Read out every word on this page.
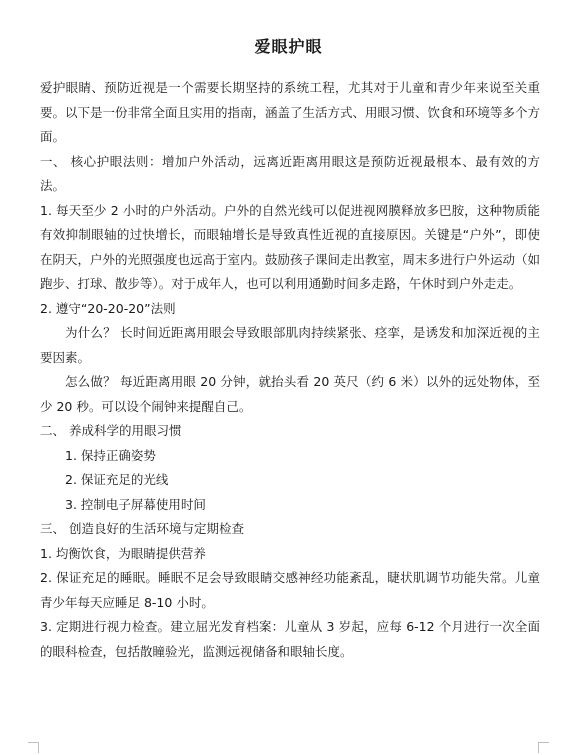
爱眼护眼

爱护眼睛、预防近视是一个需要长期坚持的系统工程，尤其对于儿童和青少年来说至关重要。以下是一份非常全面且实用的指南，涵盖了生活方式、用眼习惯、饮食和环境等多个方面。

一、 核心护眼法则：增加户外活动，远离近距离用眼这是预防近视最根本、最有效的方法。

1. 每天至少 2 小时的户外活动。户外的自然光线可以促进视网膜释放多巴胺，这种物质能有效抑制眼轴的过快增长，而眼轴增长是导致真性近视的直接原因。关键是“户外”，即使在阴天，户外的光照强度也远高于室内。鼓励孩子课间走出教室，周末多进行户外运动（如跑步、打球、散步等）。对于成年人，也可以利用通勤时间多走路，午休时到户外走走。

2. 遵守“20-20-20”法则

为什么？ 长时间近距离用眼会导致眼部肌肉持续紧张、痉挛，是诱发和加深近视的主要因素。

怎么做？ 每近距离用眼 20 分钟，就抬头看 20 英尺（约 6 米）以外的远处物体，至少 20 秒。可以设个闹钟来提醒自己。

二、 养成科学的用眼习惯

1. 保持正确姿势

2. 保证充足的光线

3. 控制电子屏幕使用时间

三、 创造良好的生活环境与定期检查

1. 均衡饮食，为眼睛提供营养

2. 保证充足的睡眠。睡眠不足会导致眼睛交感神经功能紊乱，睫状肌调节功能失常。儿童青少年每天应睡足 8-10 小时。

3. 定期进行视力检查。建立屈光发育档案：儿童从 3 岁起，应每 6-12 个月进行一次全面的眼科检查，包括散瞳验光，监测远视储备和眼轴长度。
